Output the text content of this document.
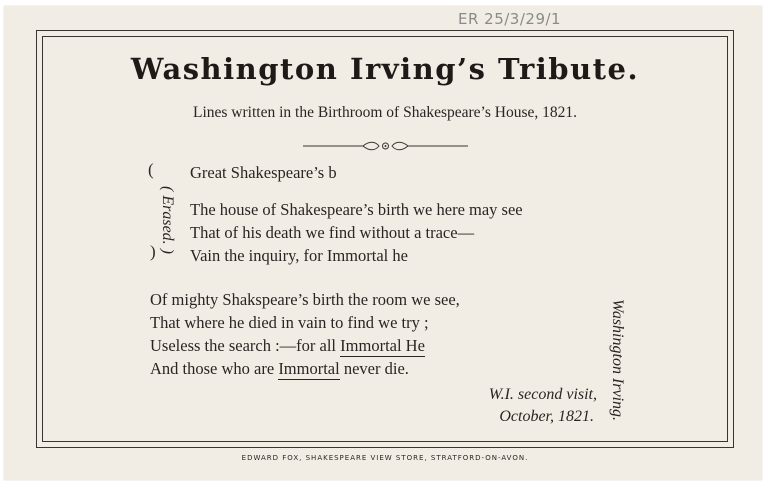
ER 25/3/29/1
Washington Irving’s Tribute.
Lines written in the Birthroom of Shakespeare’s House, 1821.
(
) ( Erased. )
Great Shakespeare’s b
The house of Shakespeare’s birth we here may see
That of his death we find without a trace—
Vain the inquiry, for Immortal he
Of mighty Shakspeare’s birth the room we see,
That where he died in vain to find we try ;
Useless the search :—for all Immortal He
And those who are Immortal never die.
W.I. second visit,
October, 1821. Washington Irving.
EDWARD FOX, SHAKESPEARE VIEW STORE, STRATFORD-ON-AVON.
